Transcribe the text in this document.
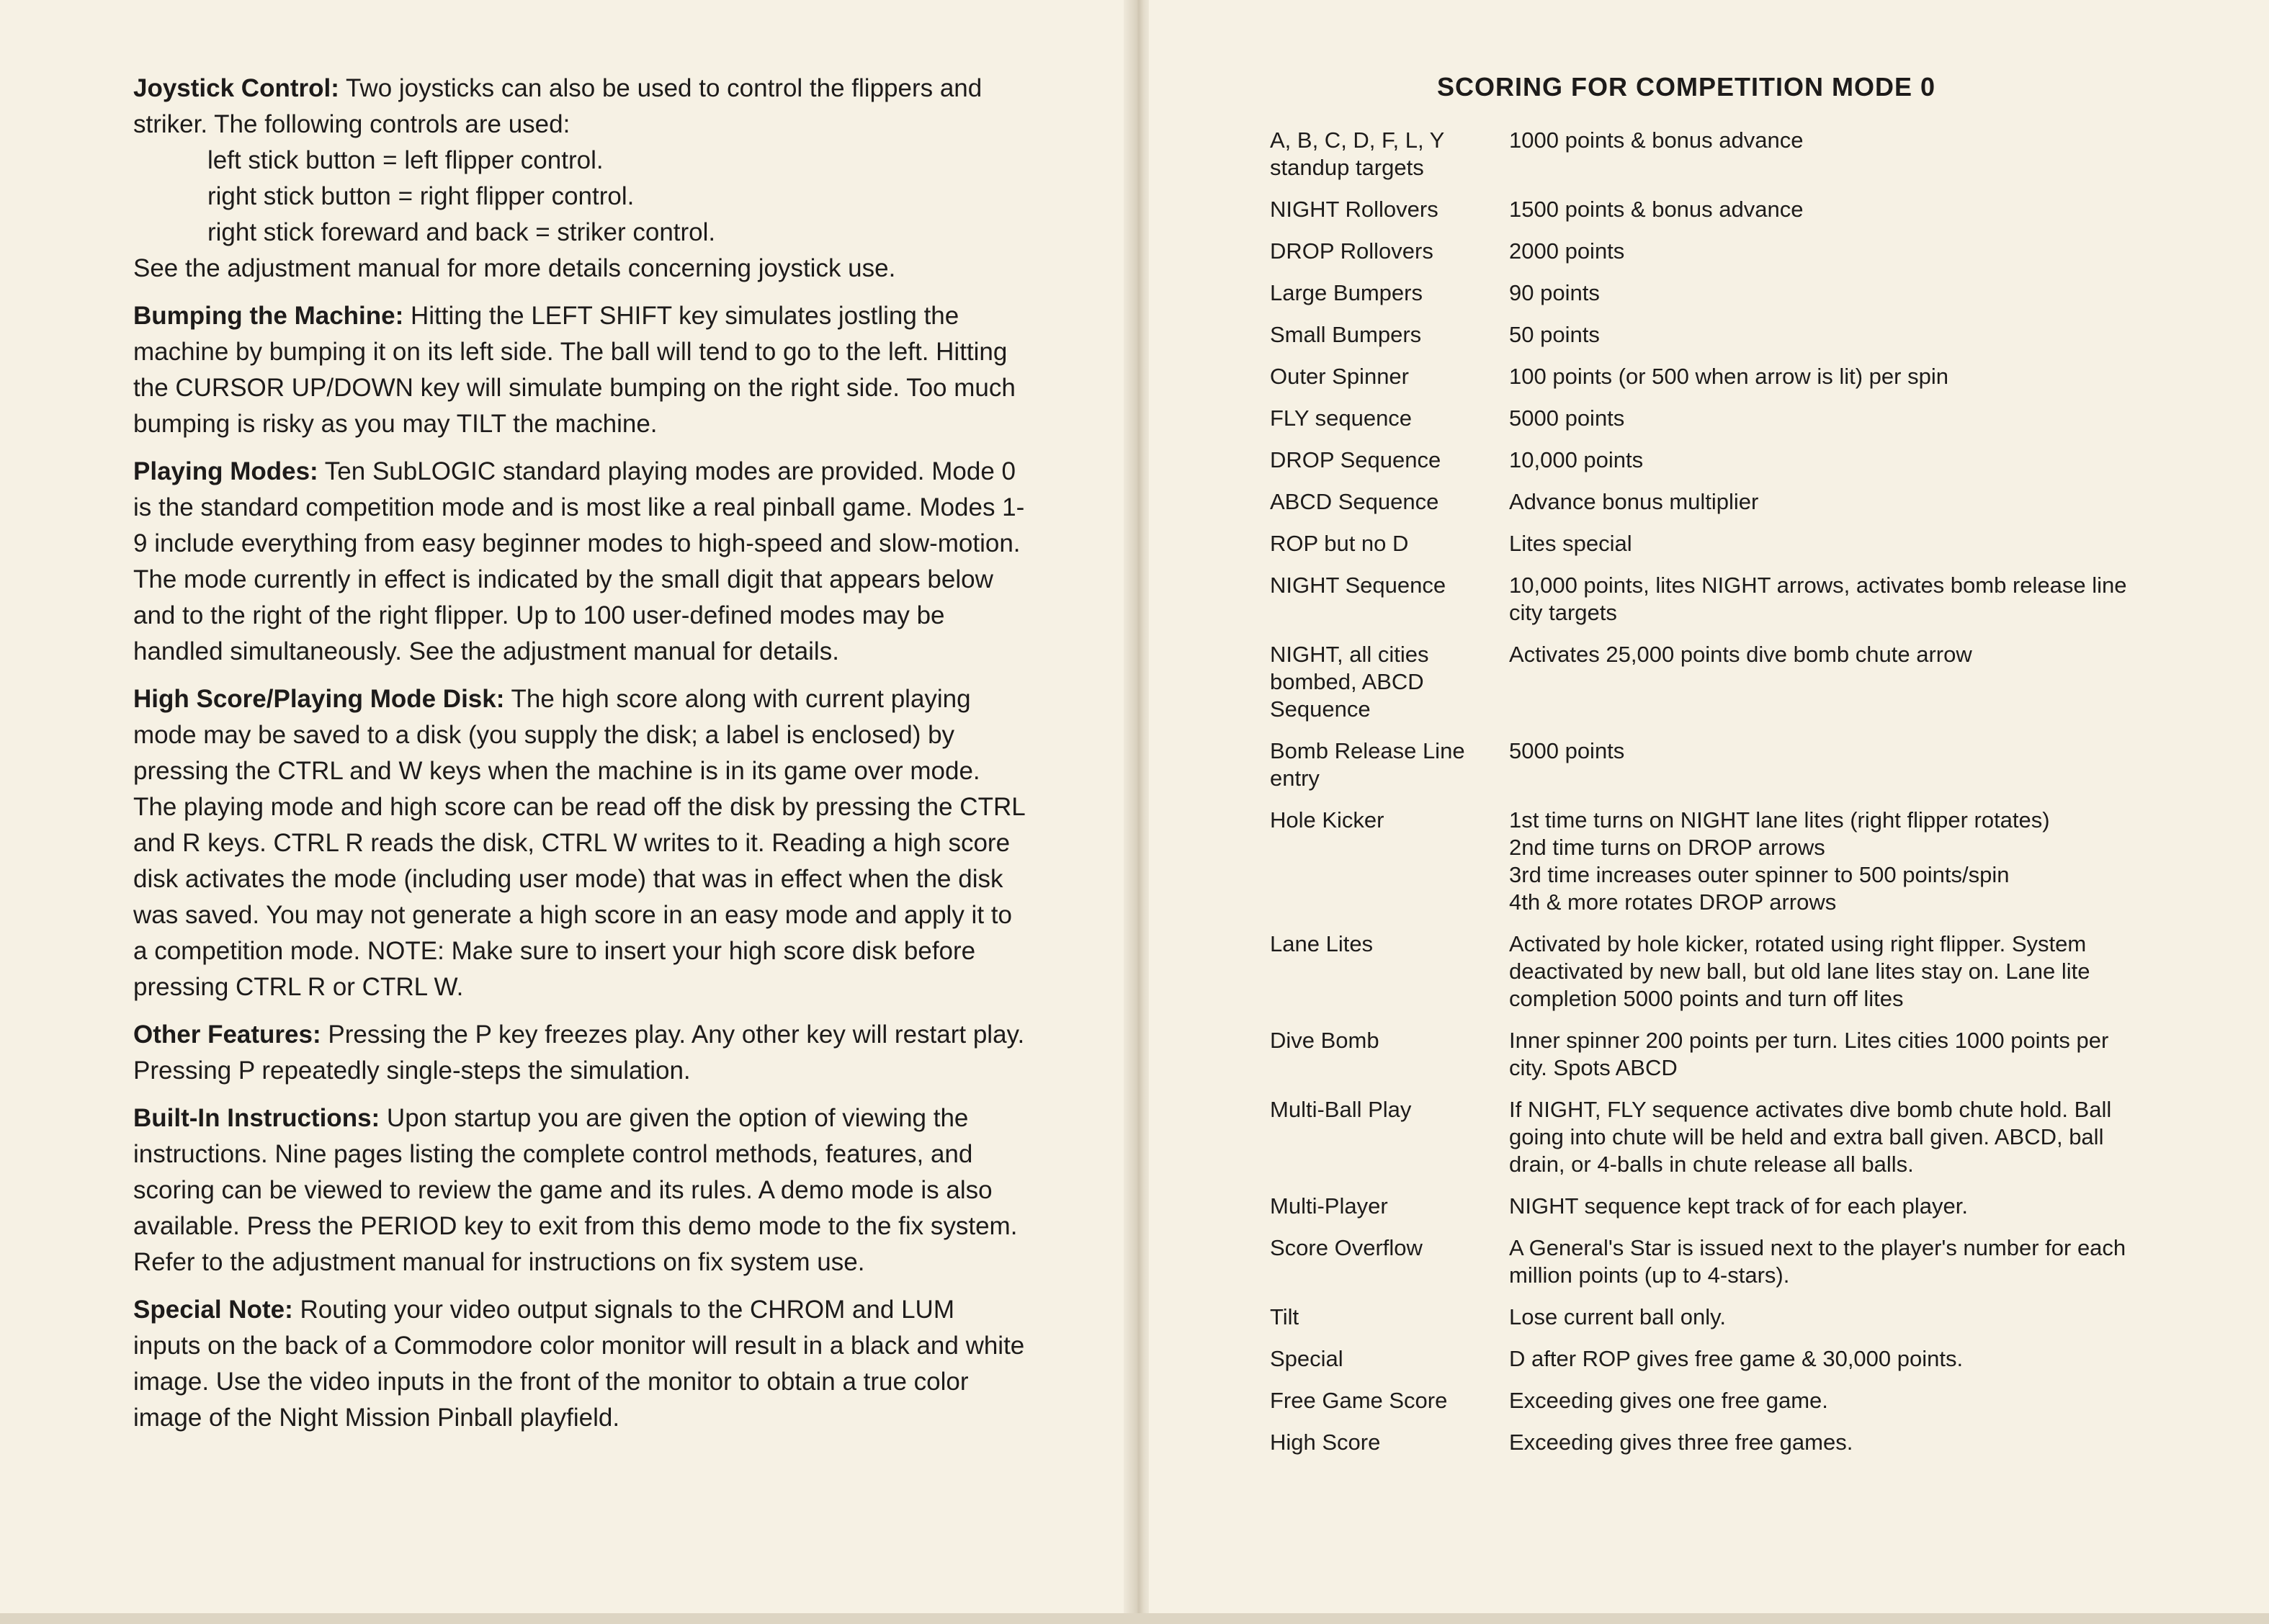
Joystick Control: Two joysticks can also be used to control the flippers and striker. The following controls are used:
left stick button = left flipper control.
right stick button = right flipper control.
right stick foreward and back = striker control.
See the adjustment manual for more details concerning joystick use.
Bumping the Machine: Hitting the LEFT SHIFT key simulates jostling the machine by bumping it on its left side. The ball will tend to go to the left. Hitting the CURSOR UP/DOWN key will simulate bumping on the right side. Too much bumping is risky as you may TILT the machine.
Playing Modes: Ten SubLOGIC standard playing modes are provided. Mode 0 is the standard competition mode and is most like a real pinball game. Modes 1-9 include everything from easy beginner modes to high-speed and slow-motion. The mode currently in effect is indicated by the small digit that appears below and to the right of the right flipper. Up to 100 user-defined modes may be handled simultaneously. See the adjustment manual for details.
High Score/Playing Mode Disk: The high score along with current playing mode may be saved to a disk (you supply the disk; a label is enclosed) by pressing the CTRL and W keys when the machine is in its game over mode. The playing mode and high score can be read off the disk by pressing the CTRL and R keys. CTRL R reads the disk, CTRL W writes to it. Reading a high score disk activates the mode (including user mode) that was in effect when the disk was saved. You may not generate a high score in an easy mode and apply it to a competition mode. NOTE: Make sure to insert your high score disk before pressing CTRL R or CTRL W.
Other Features: Pressing the P key freezes play. Any other key will restart play. Pressing P repeatedly single-steps the simulation.
Built-In Instructions: Upon startup you are given the option of viewing the instructions. Nine pages listing the complete control methods, features, and scoring can be viewed to review the game and its rules. A demo mode is also available. Press the PERIOD key to exit from this demo mode to the fix system. Refer to the adjustment manual for instructions on fix system use.
Special Note: Routing your video output signals to the CHROM and LUM inputs on the back of a Commodore color monitor will result in a black and white image. Use the video inputs in the front of the monitor to obtain a true color image of the Night Mission Pinball playfield.
SCORING FOR COMPETITION MODE 0
A, B, C, D, F, L, Y standup targets	1000 points & bonus advance
NIGHT Rollovers	1500 points & bonus advance
DROP Rollovers	2000 points
Large Bumpers	90 points
Small Bumpers	50 points
Outer Spinner	100 points (or 500 when arrow is lit) per spin
FLY sequence	5000 points
DROP Sequence	10,000 points
ABCD Sequence	Advance bonus multiplier
ROP but no D	Lites special
NIGHT Sequence	10,000 points, lites NIGHT arrows, activates bomb release line city targets
NIGHT, all cities bombed, ABCD Sequence	Activates 25,000 points dive bomb chute arrow
Bomb Release Line entry	5000 points
Hole Kicker	1st time turns on NIGHT lane lites (right flipper rotates)
2nd time turns on DROP arrows
3rd time increases outer spinner to 500 points/spin
4th & more rotates DROP arrows

Lane Lites	Activated by hole kicker, rotated using right flipper. System deactivated by new ball, but old lane lites stay on. Lane lite completion 5000 points and turn off lites
Dive Bomb	Inner spinner 200 points per turn. Lites cities 1000 points per city. Spots ABCD
Multi-Ball Play	If NIGHT, FLY sequence activates dive bomb chute hold. Ball going into chute will be held and extra ball given. ABCD, ball drain, or 4-balls in chute release all balls.
Multi-Player	NIGHT sequence kept track of for each player.
Score Overflow	A General's Star is issued next to the player's number for each million points (up to 4-stars).
Tilt	Lose current ball only.
Special	D after ROP gives free game & 30,000 points.
Free Game Score	Exceeding gives one free game.
High Score	Exceeding gives three free games.
